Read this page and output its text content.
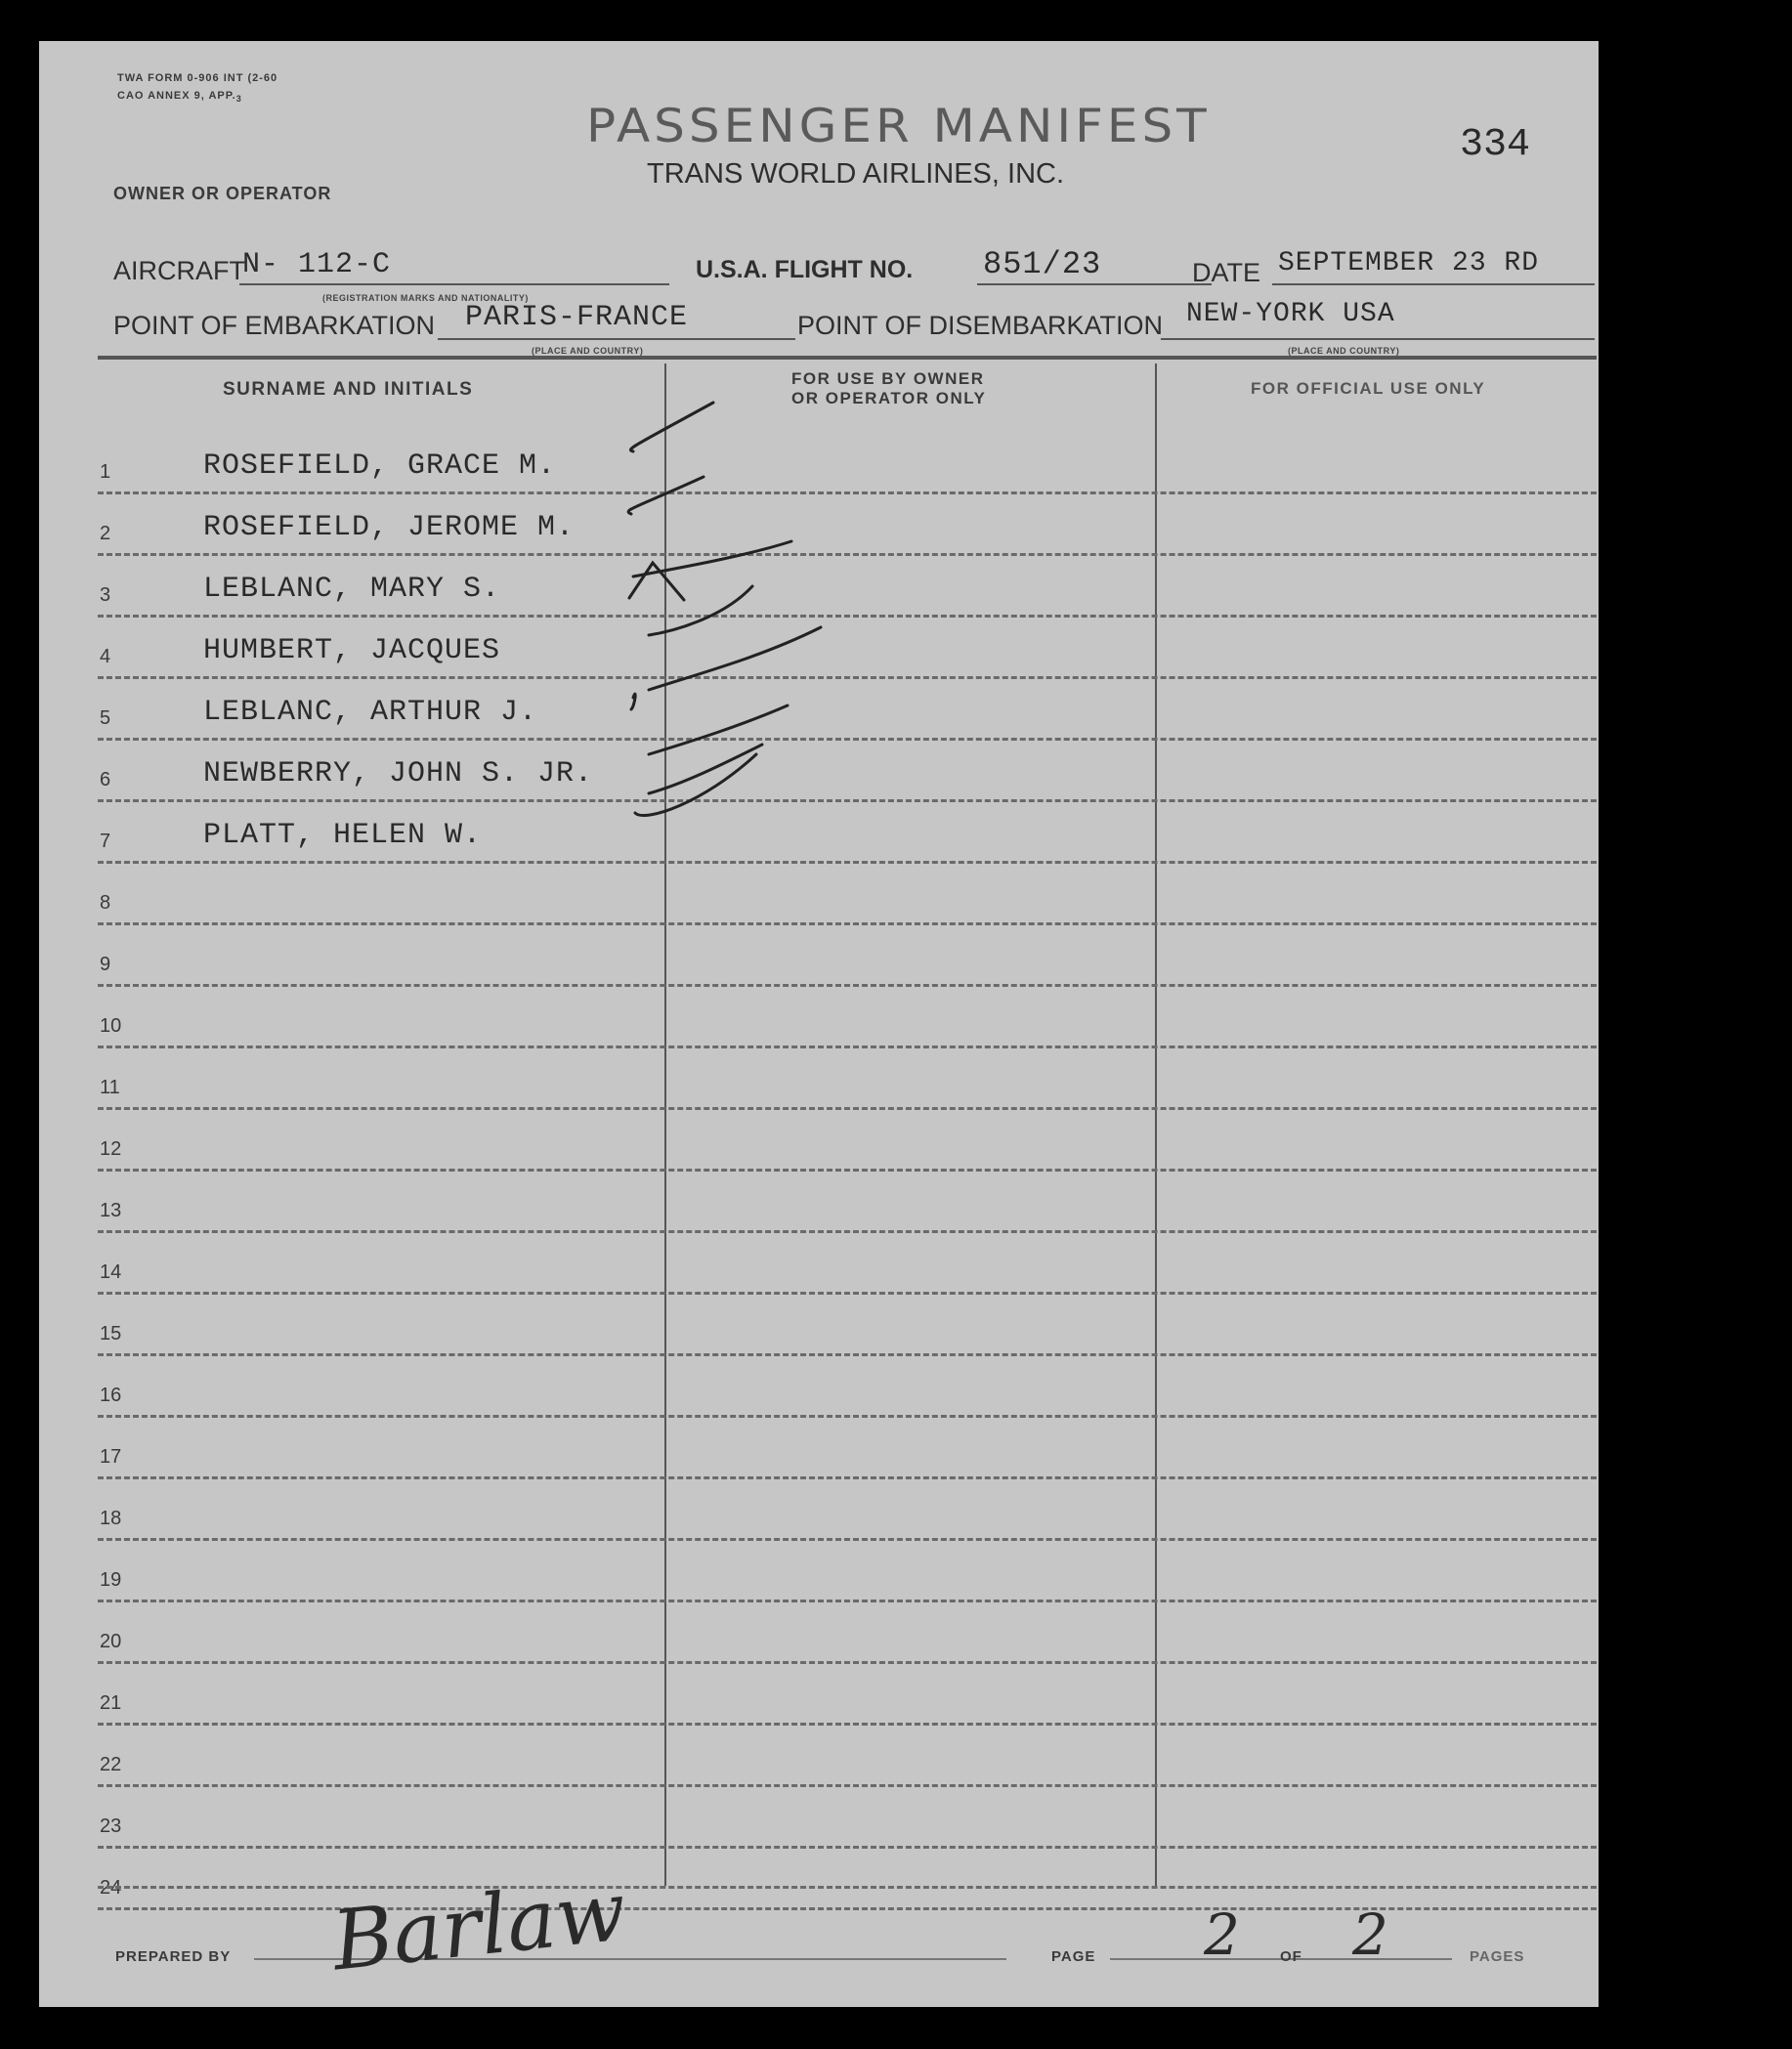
TWA FORM 0-906 INT (2-60
CAO ANNEX 9, $APP._3$
PASSENGER MANIFEST
TRANS WORLD AIRLINES, INC.
334
OWNER OR OPERATOR
AIRCRAFT
N- 112-C
(REGISTRATION MARKS AND NATIONALITY)
U.S.A. FLIGHT NO. 851/23	DATE SEPTEMBER 23 RD
POINT OF EMBARKATION PARIS-FRANCE
(PLACE AND COUNTRY)
POINT OF DISEMBARKATION NEW-YORK USA
(PLACE AND COUNTRY)
SURNAME AND INITIALS
FOR USE BY OWNER
OR OPERATOR ONLY
FOR OFFICIAL USE ONLY
1	ROSEFIELD, GRACE M.
2	ROSEFIELD, JEROME M.
3	LEBLANC, MARY S.
4	HUMBERT, JACQUES
5	LEBLANC, ARTHUR J.
6	NEWBERRY, JOHN S. JR.
7	PLATT, HELEN W.
8
9
10
11
12
13
14
15
16
17
18
19
20
21
22
23
24
PREPARED BY Barlaw	PAGE 2	OF 2	PAGES
